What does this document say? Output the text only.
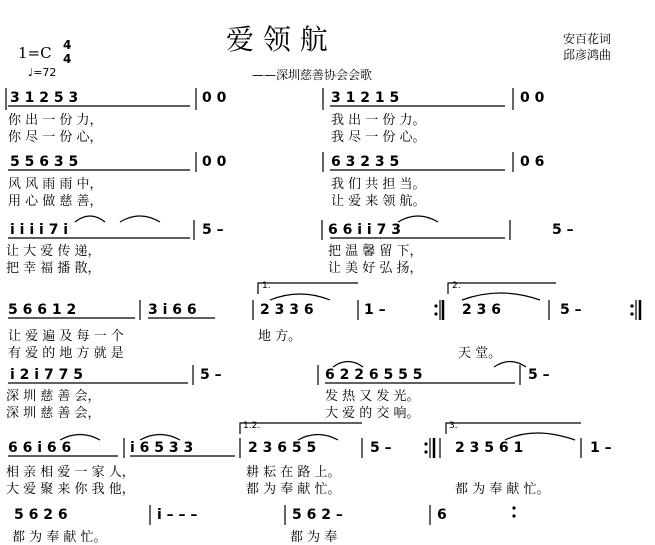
爱 领 航
——深圳慈善协会会歌
安百花词
邱彦鸿曲
1=C 4
4
♩=72
3 1 2 5 3	0 0	3 1 2 1 5	0 0
你 出 一 份 力，	我 出 一 份 力。
你 尽 一 份 心，	我 尽 一 份 心。
5 5 6 3 5	0 0	6 3 2 3 5	0 6
风 风 雨 雨 中，	我 们 共 担 当。
用 心 做 慈 善，	让 爱 来 领 航。
i i i i 7 i	5 –	6 6 i i 7 3	5 –
让 大 爱 传 递，	把 温 馨 留 下，
把 幸 福 播 散，	让 美 好 弘 扬，
5 6 6 1 2	3 i 6 6	2 3 3 6	1 –	2 3 6	5 –
让 爱 遍 及 每 一 个	地 方。
有 爱 的 地 方 就 是	天 堂。
i 2 i 7 7 5	5 –	6 2 2 6 5 5 5	5 –
深 圳 慈 善 会，	发 热 又 发 光。
深 圳 慈 善 会，	大 爱 的 交 响。
6 6 i 6 6	i 6 5 3 3	2 3 6 5 5	5 –	2 3 5 6 1	1 –
相 亲 相 爱 一 家 人，	耕 耘 在 路 上。
大 爱 聚 来 你 我 他，	都 为 奉 献 忙。	都 为 奉 献 忙。
5 6 2 6	i – – –	5 6 2 –	6
都 为 奉 献 忙。	都 为 奉
1.	2.
1.2.	3.
